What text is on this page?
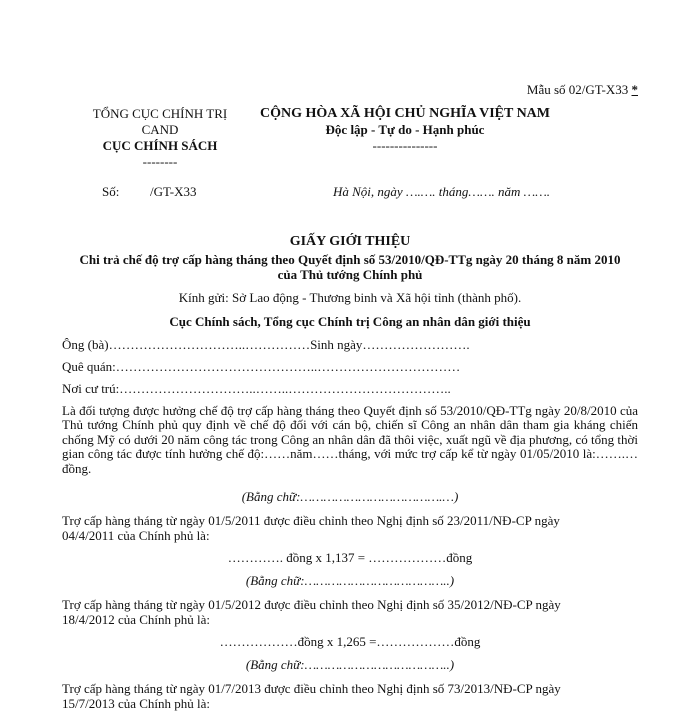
Mẫu số 02/GT-X33 *
TỔNG CỤC CHÍNH TRỊ
CAND
CỤC CHÍNH SÁCH
--------
CỘNG HÒA XÃ HỘI CHỦ NGHĨA VIỆT NAM
Độc lập - Tự do - Hạnh phúc
---------------
Số: /GT-X33	Hà Nội, ngày ….…. tháng……. năm …….
GIẤY GIỚI THIỆU
Chi trả chế độ trợ cấp hàng tháng theo Quyết định số 53/2010/QĐ-TTg ngày 20 tháng 8 năm 2010
của Thủ tướng Chính phủ
Kính gửi: Sở Lao động - Thương binh và Xã hội tỉnh (thành phố).
Cục Chính sách, Tổng cục Chính trị Công an nhân dân giới thiệu
Ông (bà)…………………………..……………Sinh ngày…………………….
Quê quán:………………………………………..……………………………
Nơi cư trú:…………………………..……..………………………………..
Là đối tượng được hưởng chế độ trợ cấp hàng tháng theo Quyết định số 53/2010/QĐ-TTg ngày 20/8/2010 của Thủ tướng Chính phủ quy định về chế độ đối với cán bộ, chiến sĩ Công an nhân dân tham gia kháng chiến chống Mỹ có dưới 20 năm công tác trong Công an nhân dân đã thôi việc, xuất ngũ về địa phương, có tổng thời gian công tác được tính hưởng chế độ:……năm……tháng, với mức trợ cấp kể từ ngày 01/05/2010 là:…….… đồng.
(Bằng chữ:……………………………….…)
Trợ cấp hàng tháng từ ngày 01/5/2011 được điều chỉnh theo Nghị định số 23/2011/NĐ-CP ngày
04/4/2011 của Chính phủ là:
…………. đồng x 1,137 = ………………đồng
(Bằng chữ:………………………………..)
Trợ cấp hàng tháng từ ngày 01/5/2012 được điều chỉnh theo Nghị định số 35/2012/NĐ-CP ngày
18/4/2012 của Chính phủ là:
………………đồng x 1,265 =………………đồng
(Bằng chữ:………………………………..)
Trợ cấp hàng tháng từ ngày 01/7/2013 được điều chỉnh theo Nghị định số 73/2013/NĐ-CP ngày
15/7/2013 của Chính phủ là:
